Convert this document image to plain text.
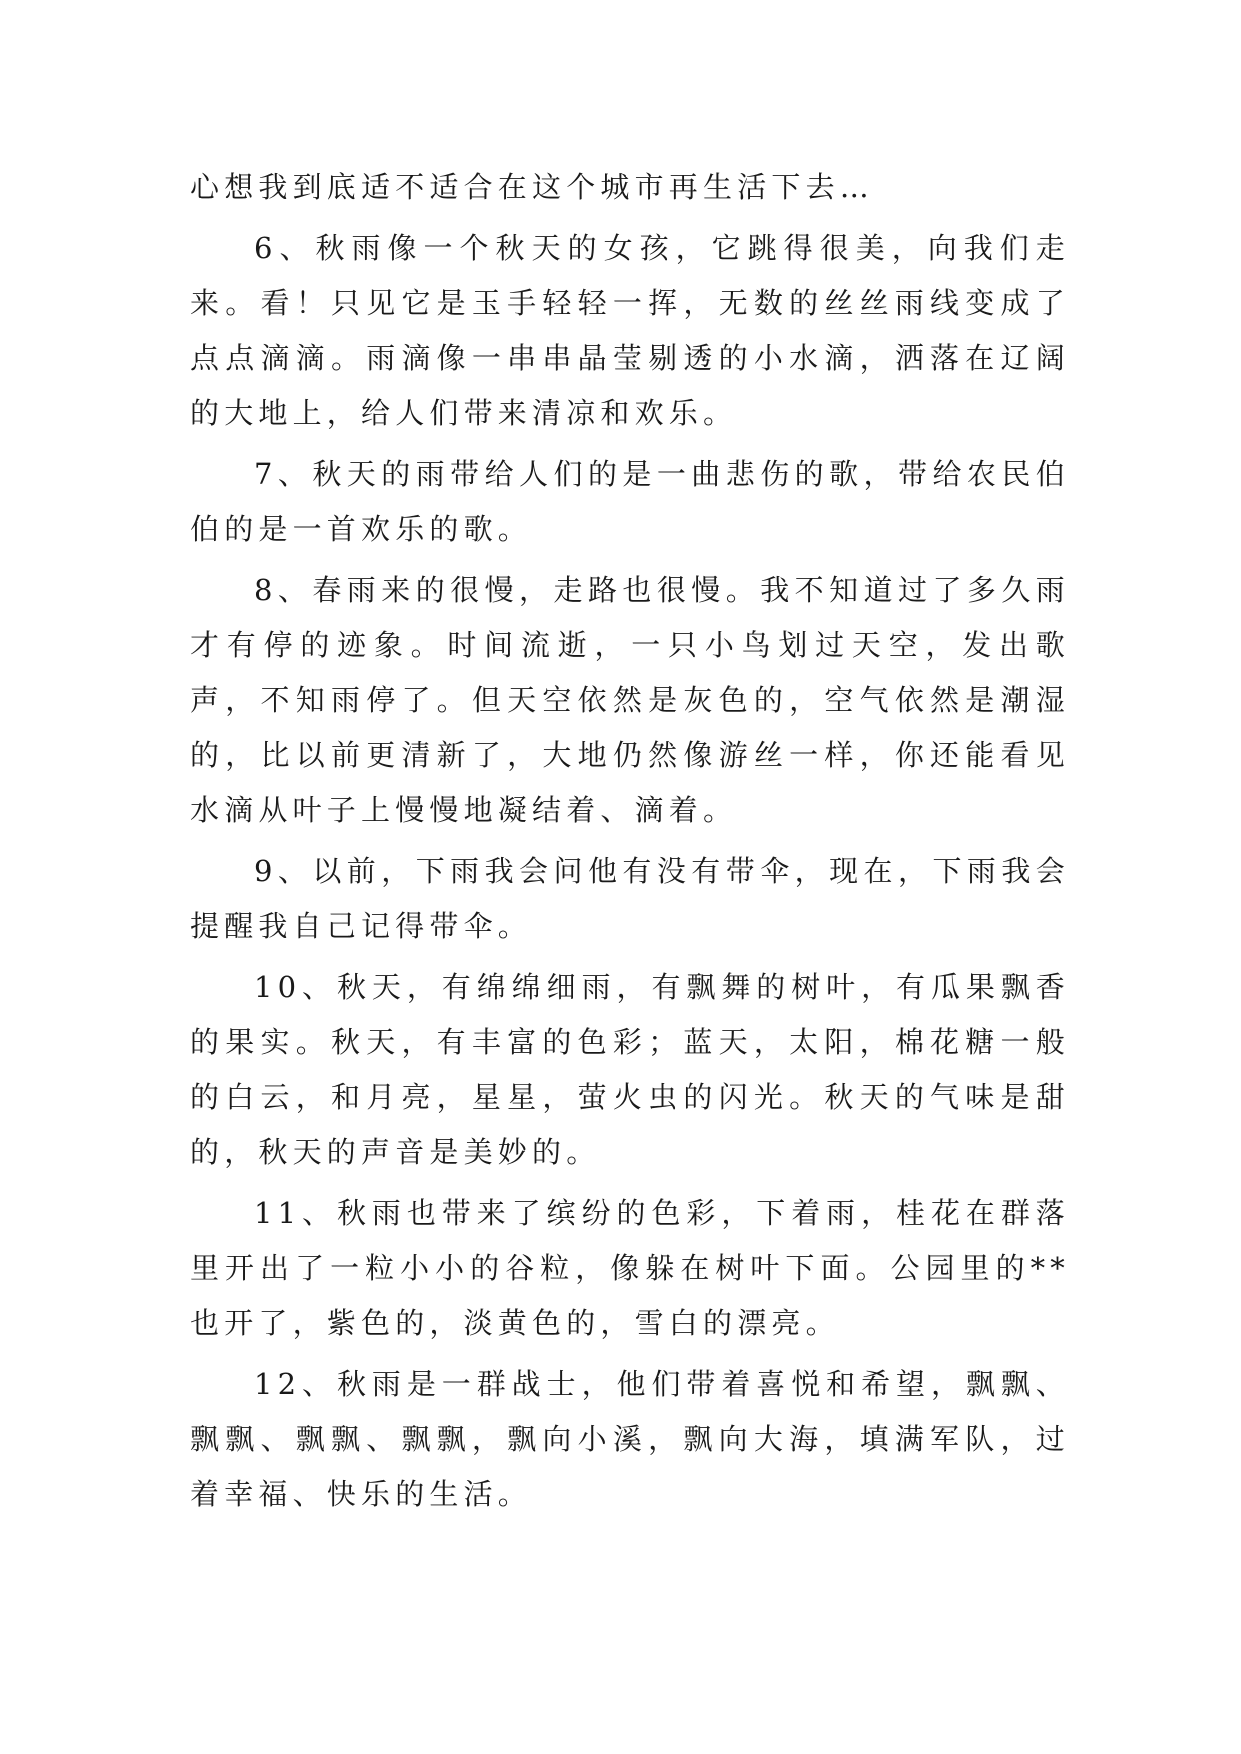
心想我到底适不适合在这个城市再生活下去…

6、秋雨像一个秋天的女孩，它跳得很美，向我们走来。看！只见它是玉手轻轻一挥，无数的丝丝雨线变成了点点滴滴。雨滴像一串串晶莹剔透的小水滴，洒落在辽阔的大地上，给人们带来清凉和欢乐。

7、秋天的雨带给人们的是一曲悲伤的歌，带给农民伯伯的是一首欢乐的歌。

8、春雨来的很慢，走路也很慢。我不知道过了多久雨才有停的迹象。时间流逝，一只小鸟划过天空，发出歌声，不知雨停了。但天空依然是灰色的，空气依然是潮湿的，比以前更清新了，大地仍然像游丝一样，你还能看见水滴从叶子上慢慢地凝结着、滴着。

9、以前，下雨我会问他有没有带伞，现在，下雨我会提醒我自己记得带伞。

10、秋天，有绵绵细雨，有飘舞的树叶，有瓜果飘香的果实。秋天，有丰富的色彩；蓝天，太阳，棉花糖一般的白云，和月亮，星星，萤火虫的闪光。秋天的气味是甜的，秋天的声音是美妙的。

11、秋雨也带来了缤纷的色彩，下着雨，桂花在群落里开出了一粒小小的谷粒，像躲在树叶下面。公园里的**也开了，紫色的，淡黄色的，雪白的漂亮。

12、秋雨是一群战士，他们带着喜悦和希望，飘飘、飘飘、飘飘、飘飘，飘向小溪，飘向大海，填满军队，过着幸福、快乐的生活。
